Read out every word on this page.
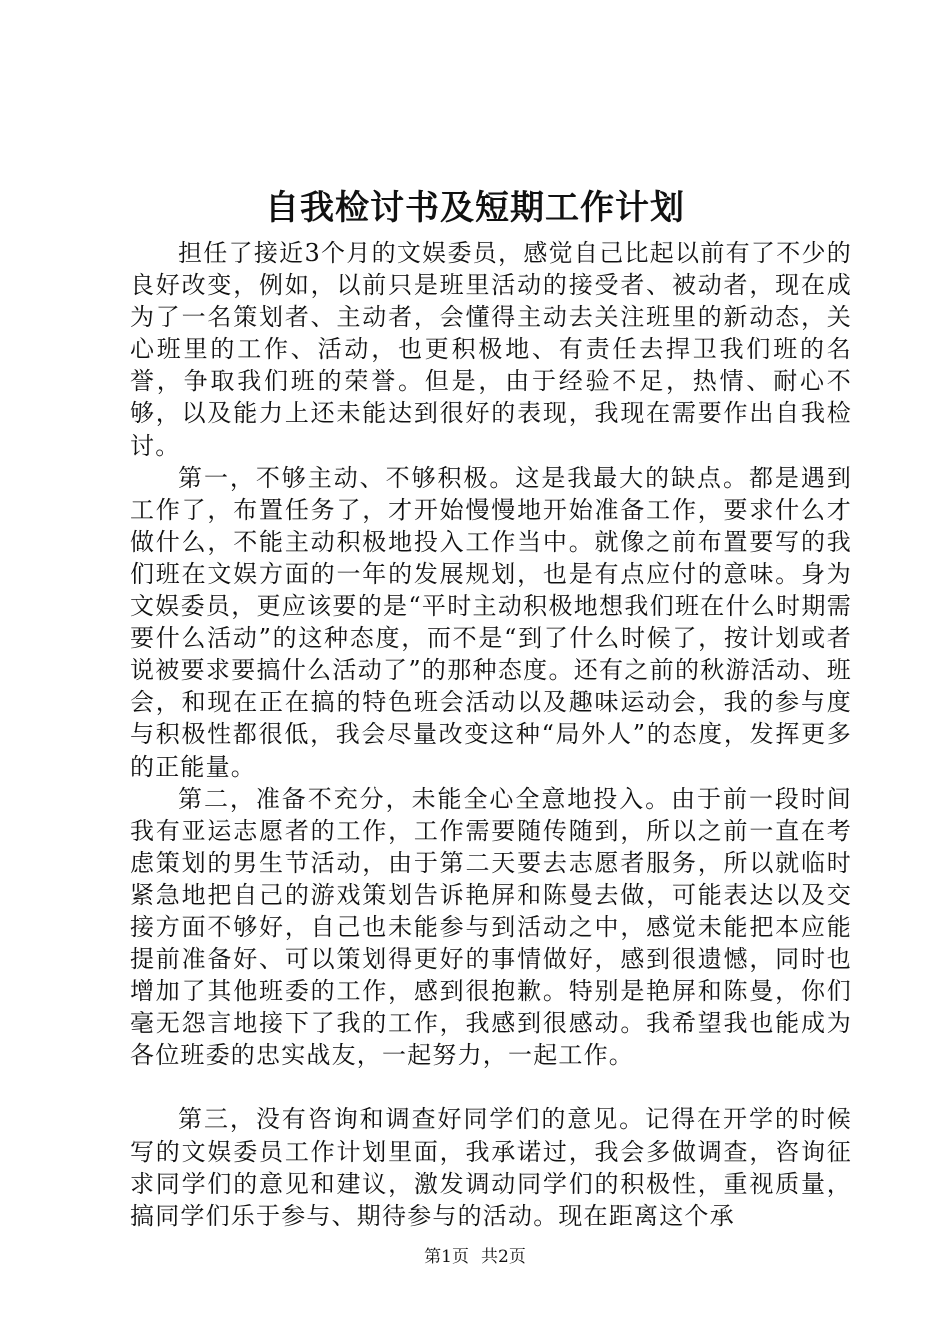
自我检讨书及短期工作计划

担任了接近3个月的文娱委员，感觉自己比起以前有了不少的良好改变，例如，以前只是班里活动的接受者、被动者，现在成为了一名策划者、主动者，会懂得主动去关注班里的新动态，关心班里的工作、活动，也更积极地、有责任去捍卫我们班的名誉，争取我们班的荣誉。但是，由于经验不足，热情、耐心不够，以及能力上还未能达到很好的表现，我现在需要作出自我检讨。

第一，不够主动、不够积极。这是我最大的缺点。都是遇到工作了，布置任务了，才开始慢慢地开始准备工作，要求什么才做什么，不能主动积极地投入工作当中。就像之前布置要写的我们班在文娱方面的一年的发展规划，也是有点应付的意味。身为文娱委员，更应该要的是“平时主动积极地想我们班在什么时期需要什么活动”的这种态度，而不是“到了什么时候了，按计划或者说被要求要搞什么活动了”的那种态度。还有之前的秋游活动、班会，和现在正在搞的特色班会活动以及趣味运动会，我的参与度与积极性都很低，我会尽量改变这种“局外人”的态度，发挥更多的正能量。

第二，准备不充分，未能全心全意地投入。由于前一段时间我有亚运志愿者的工作，工作需要随传随到，所以之前一直在考虑策划的男生节活动，由于第二天要去志愿者服务，所以就临时紧急地把自己的游戏策划告诉艳屏和陈曼去做，可能表达以及交接方面不够好，自己也未能参与到活动之中，感觉未能把本应能提前准备好、可以策划得更好的事情做好，感到很遗憾，同时也增加了其他班委的工作，感到很抱歉。特别是艳屏和陈曼，你们毫无怨言地接下了我的工作，我感到很感动。我希望我也能成为各位班委的忠实战友，一起努力，一起工作。

第三，没有咨询和调查好同学们的意见。记得在开学的时候写的文娱委员工作计划里面，我承诺过，我会多做调查，咨询征求同学们的意见和建议，激发调动同学们的积极性，重视质量，搞同学们乐于参与、期待参与的活动。现在距离这个承

第1页 共2页
